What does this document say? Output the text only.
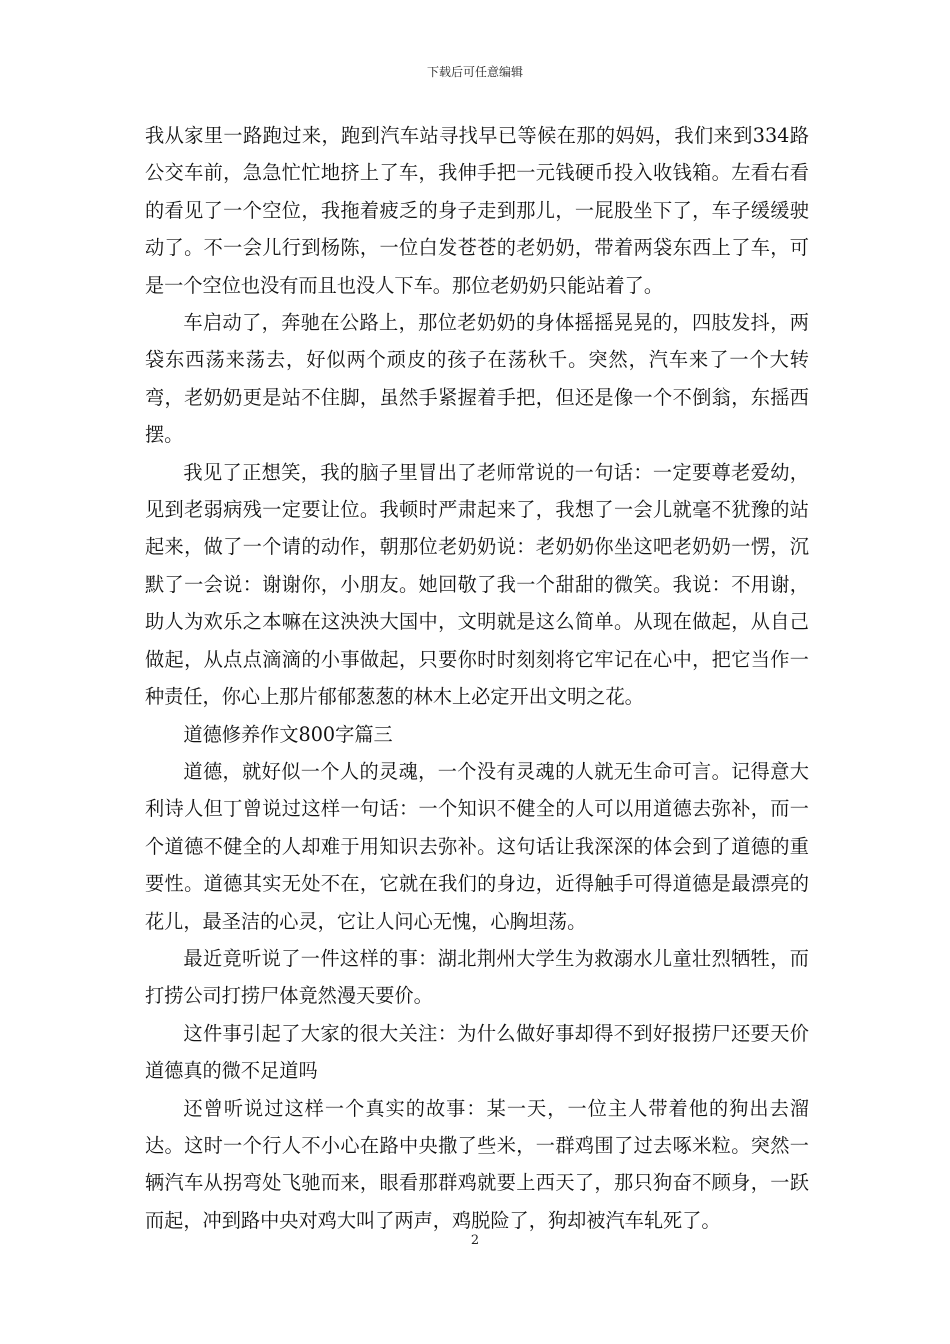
下载后可任意编辑

我从家里一路跑过来，跑到汽车站寻找早已等候在那的妈妈，我们来到334路公交车前，急急忙忙地挤上了车，我伸手把一元钱硬币投入收钱箱。左看右看的看见了一个空位，我拖着疲乏的身子走到那儿，一屁股坐下了，车子缓缓驶动了。不一会儿行到杨陈，一位白发苍苍的老奶奶，带着两袋东西上了车，可是一个空位也没有而且也没人下车。那位老奶奶只能站着了。

车启动了，奔驰在公路上，那位老奶奶的身体摇摇晃晃的，四肢发抖，两袋东西荡来荡去，好似两个顽皮的孩子在荡秋千。突然，汽车来了一个大转弯，老奶奶更是站不住脚，虽然手紧握着手把，但还是像一个不倒翁，东摇西摆。

我见了正想笑，我的脑子里冒出了老师常说的一句话：一定要尊老爱幼，见到老弱病残一定要让位。我顿时严肃起来了，我想了一会儿就毫不犹豫的站起来，做了一个请的动作，朝那位老奶奶说：老奶奶你坐这吧老奶奶一愣，沉默了一会说：谢谢你，小朋友。她回敬了我一个甜甜的微笑。我说：不用谢，助人为欢乐之本嘛在这泱泱大国中，文明就是这么简单。从现在做起，从自己做起，从点点滴滴的小事做起，只要你时时刻刻将它牢记在心中，把它当作一种责任，你心上那片郁郁葱葱的林木上必定开出文明之花。

道德修养作文800字篇三

道德，就好似一个人的灵魂，一个没有灵魂的人就无生命可言。记得意大利诗人但丁曾说过这样一句话：一个知识不健全的人可以用道德去弥补，而一个道德不健全的人却难于用知识去弥补。这句话让我深深的体会到了道德的重要性。道德其实无处不在，它就在我们的身边，近得触手可得道德是最漂亮的花儿，最圣洁的心灵，它让人问心无愧，心胸坦荡。

最近竟听说了一件这样的事：湖北荆州大学生为救溺水儿童壮烈牺牲，而打捞公司打捞尸体竟然漫天要价。

这件事引起了大家的很大关注：为什么做好事却得不到好报捞尸还要天价道德真的微不足道吗

还曾听说过这样一个真实的故事：某一天，一位主人带着他的狗出去溜达。这时一个行人不小心在路中央撒了些米，一群鸡围了过去啄米粒。突然一辆汽车从拐弯处飞驰而来，眼看那群鸡就要上西天了，那只狗奋不顾身，一跃而起，冲到路中央对鸡大叫了两声，鸡脱险了，狗却被汽车轧死了。

2
